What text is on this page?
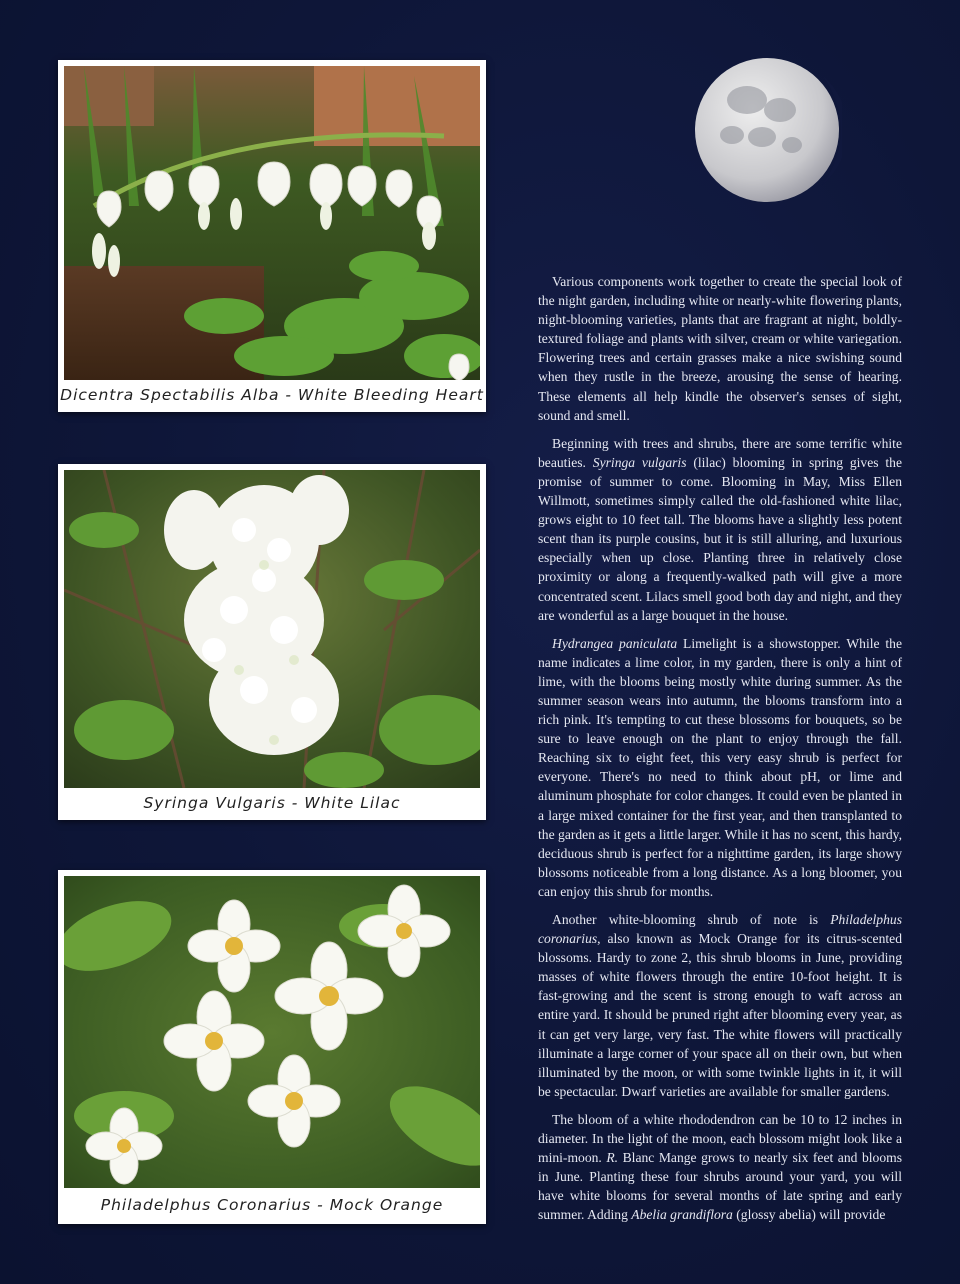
Dicentra Spectabilis Alba - White Bleeding Heart
Syringa Vulgaris - White Lilac
Philadelphus Coronarius - Mock Orange

Various components work together to create the special look of the night garden, including white or nearly-white flowering plants, night-blooming varieties, plants that are fragrant at night, boldly-textured foliage and plants with silver, cream or white variegation. Flowering trees and certain grasses make a nice swishing sound when they rustle in the breeze, arousing the sense of hearing. These elements all help kindle the observer's senses of sight, sound and smell.

Beginning with trees and shrubs, there are some terrific white beauties. Syringa vulgaris (lilac) blooming in spring gives the promise of summer to come. Blooming in May, Miss Ellen Willmott, sometimes simply called the old-fashioned white lilac, grows eight to 10 feet tall. The blooms have a slightly less potent scent than its purple cousins, but it is still alluring, and luxurious especially when up close. Planting three in relatively close proximity or along a frequently-walked path will give a more concentrated scent. Lilacs smell good both day and night, and they are wonderful as a large bouquet in the house.

Hydrangea paniculata Limelight is a showstopper. While the name indicates a lime color, in my garden, there is only a hint of lime, with the blooms being mostly white during summer. As the summer season wears into autumn, the blooms transform into a rich pink. It's tempting to cut these blossoms for bouquets, so be sure to leave enough on the plant to enjoy through the fall. Reaching six to eight feet, this very easy shrub is perfect for everyone. There's no need to think about pH, or lime and aluminum phosphate for color changes. It could even be planted in a large mixed container for the first year, and then transplanted to the garden as it gets a little larger. While it has no scent, this hardy, deciduous shrub is perfect for a nighttime garden, its large showy blossoms noticeable from a long distance. As a long bloomer, you can enjoy this shrub for months.

Another white-blooming shrub of note is Philadelphus coronarius, also known as Mock Orange for its citrus-scented blossoms. Hardy to zone 2, this shrub blooms in June, providing masses of white flowers through the entire 10-foot height. It is fast-growing and the scent is strong enough to waft across an entire yard. It should be pruned right after blooming every year, as it can get very large, very fast. The white flowers will practically illuminate a large corner of your space all on their own, but when illuminated by the moon, or with some twinkle lights in it, it will be spectacular. Dwarf varieties are available for smaller gardens.

The bloom of a white rhododendron can be 10 to 12 inches in diameter. In the light of the moon, each blossom might look like a mini-moon. R. Blanc Mange grows to nearly six feet and blooms in June. Planting these four shrubs around your yard, you will have white blooms for several months of late spring and early summer. Adding Abelia grandiflora (glossy abelia) will provide
